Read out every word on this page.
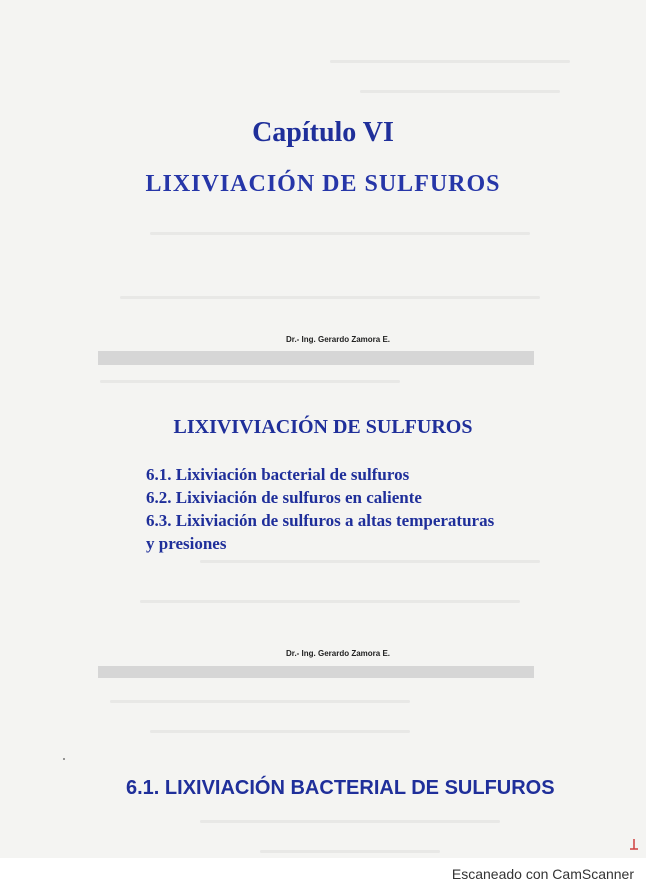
Capítulo VI
LIXIVIACIÓN DE SULFUROS
Dr.- Ing. Gerardo Zamora E.
LIXIVIVIACIÓN DE SULFUROS
6.1. Lixiviación bacterial de sulfuros
6.2. Lixiviación de sulfuros en caliente
6.3. Lixiviación de sulfuros a altas temperaturas
y presiones
Dr.- Ing. Gerardo Zamora E.
6.1. LIXIVIACIÓN BACTERIAL DE SULFUROS
Escaneado con CamScanner
